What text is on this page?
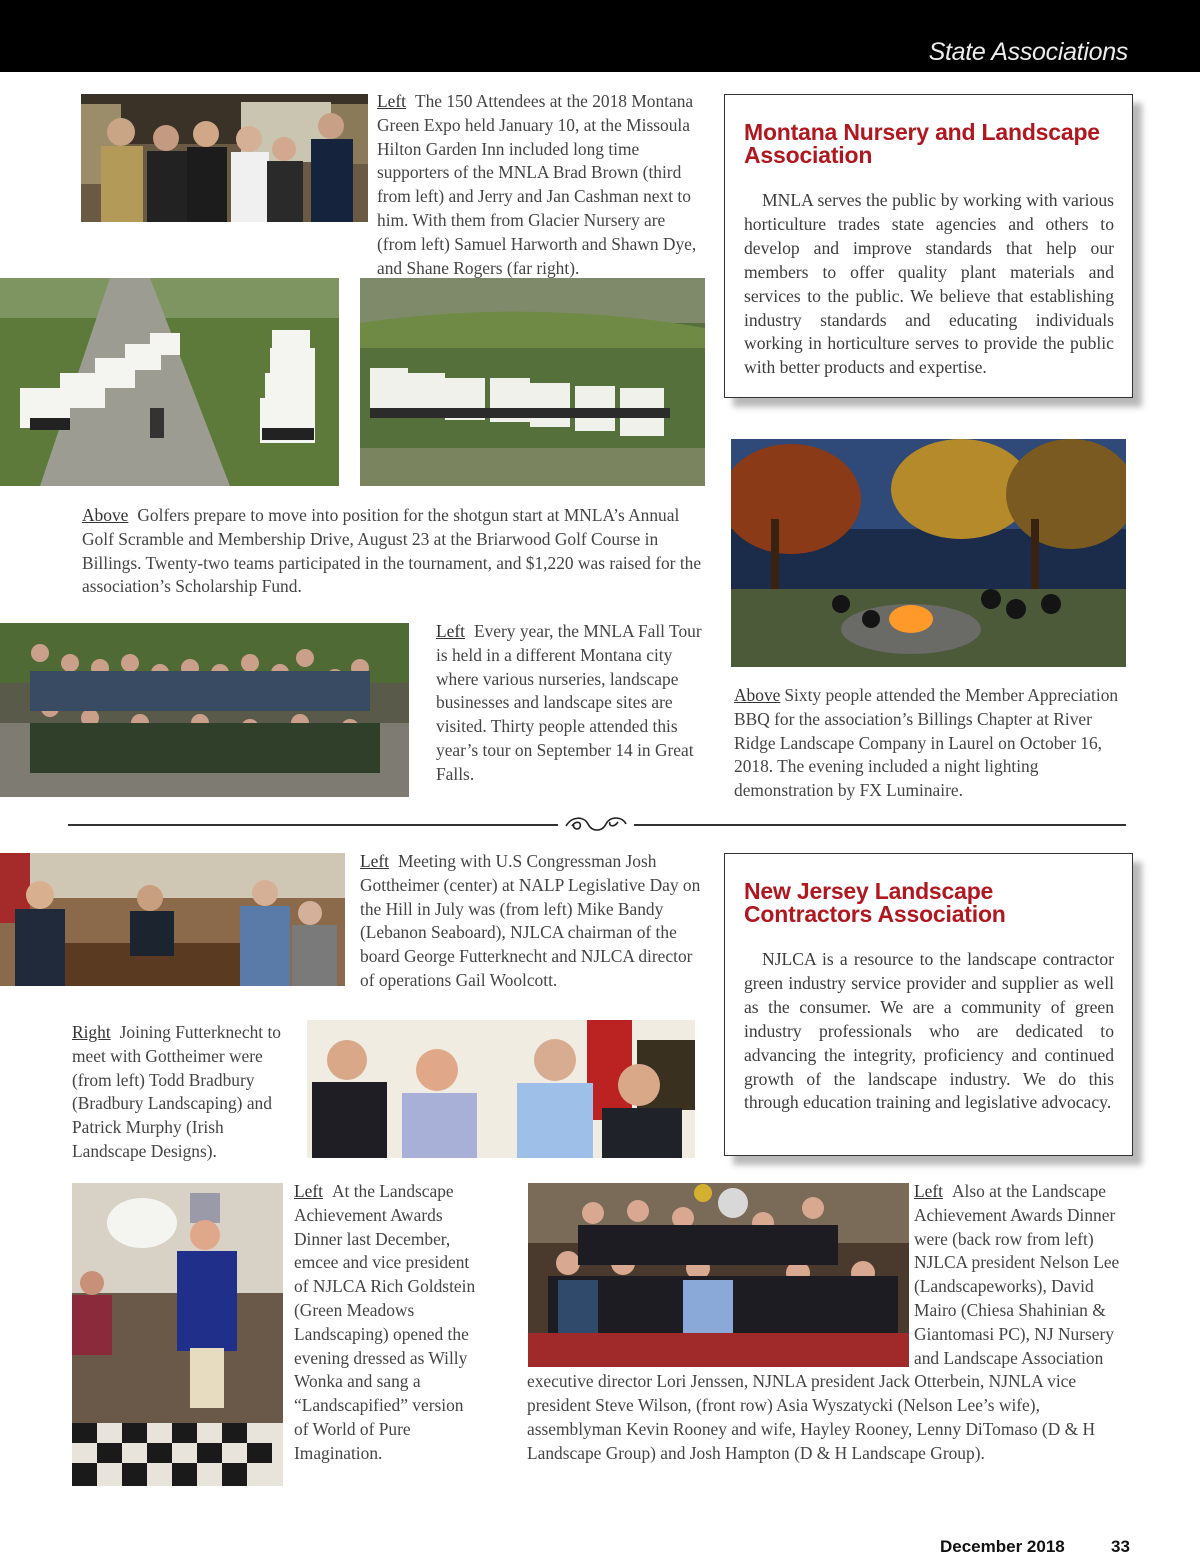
State Associations
Left The 150 Attendees at the 2018 Montana Green Expo held January 10, at the Missoula Hilton Garden Inn included long time supporters of the MNLA Brad Brown (third from left) and Jerry and Jan Cashman next to him. With them from Glacier Nursery are (from left) Samuel Harworth and Shawn Dye, and Shane Rogers (far right).
Montana Nursery and Landscape
Association

MNLA serves the public by working with various horticulture trades state agencies and others to develop and improve standards that help our members to offer quality plant materials and services to the public. We believe that establishing industry standards and educating individuals working in horticulture serves to provide the public with better products and expertise.

Above Golfers prepare to move into position for the shotgun start at MNLA’s Annual Golf Scramble and Membership Drive, August 23 at the Briarwood Golf Course in Billings. Twenty-two teams participated in the tournament, and $1,220 was raised for the association’s Scholarship Fund.
Left Every year, the MNLA Fall Tour is held in a different Montana city where various nurseries, landscape businesses and landscape sites are visited. Thirty people attended this year’s tour on September 14 in Great Falls.
Above Sixty people attended the Member Appreciation BBQ for the association’s Billings Chapter at River Ridge Landscape Company in Laurel on October 16, 2018. The evening included a night lighting demonstration by FX Luminaire.
Left Meeting with U.S Congressman Josh Gottheimer (center) at NALP Legislative Day on the Hill in July was (from left) Mike Bandy (Lebanon Seaboard), NJLCA chairman of the board George Futterknecht and NJLCA director of operations Gail Woolcott.
New Jersey Landscape
Contractors Association

NJLCA is a resource to the landscape contractor green industry service provider and supplier as well as the consumer. We are a community of green industry professionals who are dedicated to advancing the integrity, proficiency and continued growth of the landscape industry. We do this through education training and legislative advocacy.

Right Joining Futterknecht to meet with Gottheimer were (from left) Todd Bradbury (Bradbury Landscaping) and Patrick Murphy (Irish Landscape Designs).
Left At the Landscape Achievement Awards Dinner last December, emcee and vice president of NJLCA Rich Goldstein (Green Meadows Landscaping) opened the evening dressed as Willy Wonka and sang a “Landscapified” version of World of Pure Imagination.
Left Also at the Landscape Achievement Awards Dinner were (back row from left) NJLCA president Nelson Lee (Landscapeworks), David Mairo (Chiesa Shahinian & Giantomasi PC), NJ Nursery and Landscape Association executive director Lori Jenssen, NJNLA president Jack Otterbein, NJNLA vice president Steve Wilson, (front row) Asia Wyszatycki (Nelson Lee’s wife), assemblyman Kevin Rooney and wife, Hayley Rooney, Lenny DiTomaso (D & H Landscape Group) and Josh Hampton (D & H Landscape Group).
December 2018	33
